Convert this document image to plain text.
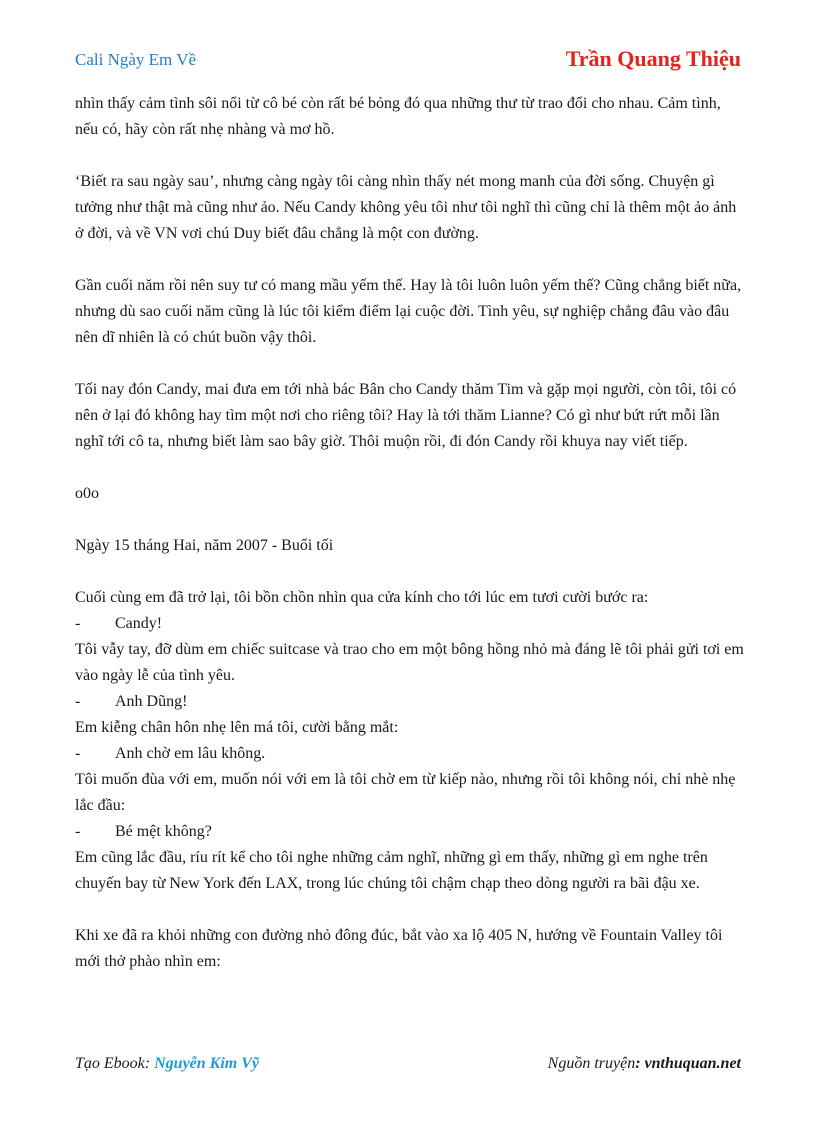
Cali Ngày Em Về	Trần Quang Thiệu

nhìn thấy cảm tình sôi nổi từ cô bé còn rất bé bỏng đó qua những thư từ trao đổi cho nhau. Cảm tình, nếu có, hãy còn rất nhẹ nhàng và mơ hồ.

‘Biết ra sau ngày sau’, nhưng càng ngày tôi càng nhìn thấy nét mong manh của đời sống. Chuyện gì tưởng như thật mà cũng như ảo. Nếu Candy không yêu tôi như tôi nghĩ thì cũng chỉ là thêm một ảo ảnh ở đời, và về VN vơi chú Duy biết đâu chẳng là một con đường.

Gần cuối năm rồi nên suy tư có mang mầu yếm thế. Hay là tôi luôn luôn yếm thế? Cũng chẳng biết nữa, nhưng dù sao cuối năm cũng là lúc tôi kiểm điểm lại cuộc đời. Tình yêu, sự nghiệp chẳng đâu vào đâu nên dĩ nhiên là có chút buồn vậy thôi.

Tối nay đón Candy, mai đưa em tới nhà bác Bân cho Candy thăm Tim và gặp mọi người, còn tôi, tôi có nên ở lại đó không hay tìm một nơi cho riêng tôi? Hay là tới thăm Lianne? Có gì như bứt rứt mỗi lần nghĩ tới cô ta, nhưng biết làm sao bây giờ. Thôi muộn rồi, đi đón Candy rồi khuya nay viết tiếp.

o0o

Ngày 15 tháng Hai, năm 2007 - Buổi tối

Cuối cùng em đã trở lại, tôi bồn chồn nhìn qua cửa kính cho tới lúc em tươi cười bước ra:

-	Candy!

Tôi vẫy tay, đỡ dùm em chiếc suitcase và trao cho em một bông hồng nhỏ mà đáng lẽ tôi phải gửi tơi em vào ngày lễ của tình yêu.

-	Anh Dũng!

Em kiễng chân hôn nhẹ lên má tôi, cười bằng mắt:

-	Anh chờ em lâu không.

Tôi muốn đùa với em, muốn nói với em là tôi chờ em từ kiếp nào, nhưng rồi tôi không nói, chỉ nhè nhẹ lắc đầu:

-	Bé mệt không?

Em cũng lắc đầu, ríu rít kể cho tôi nghe những cảm nghĩ, những gì em thấy, những gì em nghe trên chuyến bay từ New York đến LAX, trong lúc chúng tôi chậm chạp theo dòng người ra bãi đậu xe.

Khi xe đã ra khỏi những con đường nhỏ đông đúc, bắt vào xa lộ 405 N, hướng về Fountain Valley tôi mới thở phào nhìn em:

Tạo Ebook: Nguyễn Kim Vỹ	Nguồn truyện: vnthuquan.net
